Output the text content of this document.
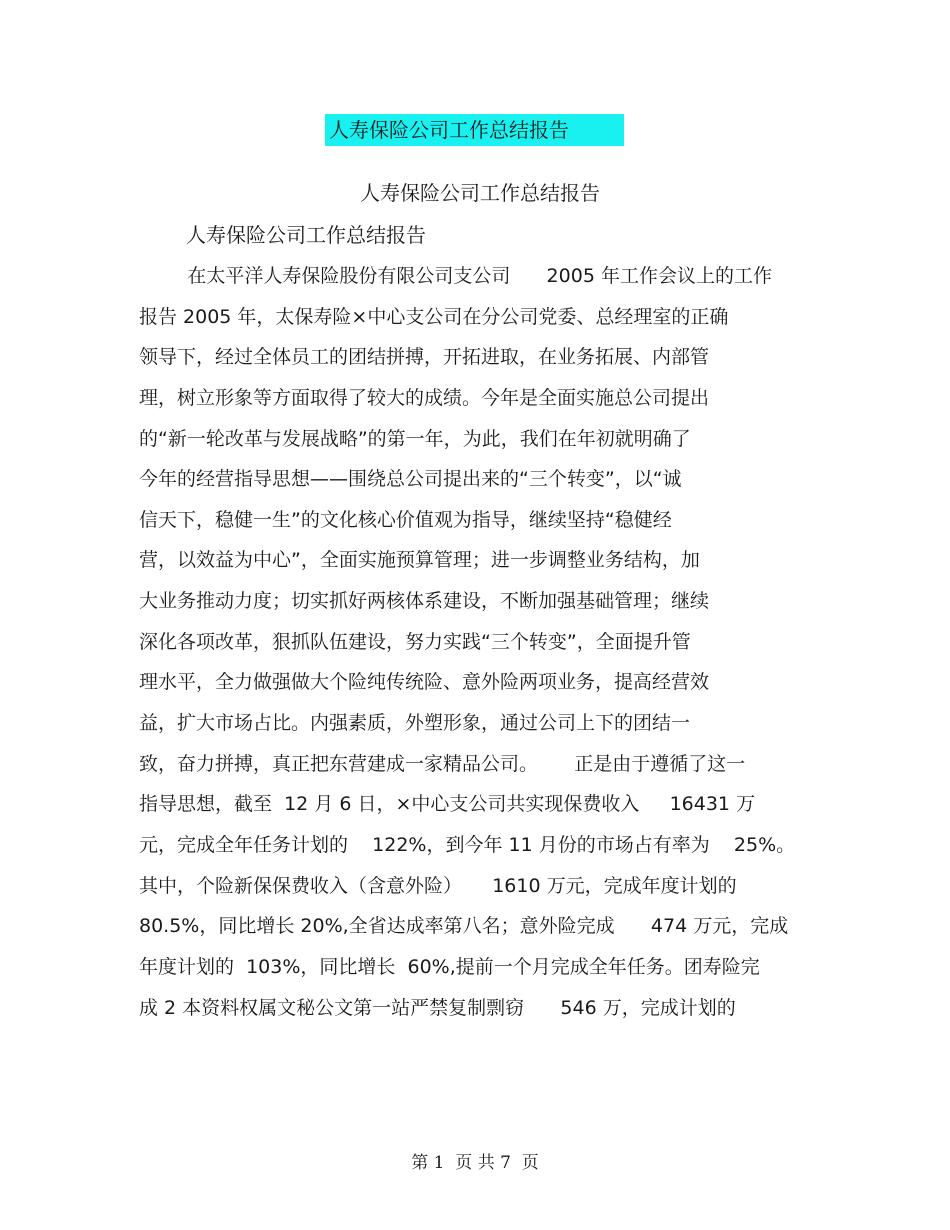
人寿保险公司工作总结报告
人寿保险公司工作总结报告
人寿保险公司工作总结报告
在太平洋人寿保险股份有限公司支公司      2005 年工作会议上的工作
报告 2005 年，太保寿险×中心支公司在分公司党委、总经理室的正确
领导下，经过全体员工的团结拼搏，开拓进取，在业务拓展、内部管
理，树立形象等方面取得了较大的成绩。今年是全面实施总公司提出
的“新一轮改革与发展战略”的第一年，为此，我们在年初就明确了
今年的经营指导思想——围绕总公司提出来的“三个转变”，以“诚
信天下，稳健一生”的文化核心价值观为指导，继续坚持“稳健经
营，以效益为中心”，全面实施预算管理；进一步调整业务结构，加
大业务推动力度；切实抓好两核体系建设，不断加强基础管理；继续
深化各项改革，狠抓队伍建设，努力实践“三个转变”，全面提升管
理水平，全力做强做大个险纯传统险、意外险两项业务，提高经营效
益，扩大市场占比。内强素质，外塑形象，通过公司上下的团结一
致，奋力拼搏，真正把东营建成一家精品公司。      正是由于遵循了这一
指导思想，截至  12 月 6 日，×中心支公司共实现保费收入     16431 万
元，完成全年任务计划的    122%，到今年 11 月份的市场占有率为    25%。
其中，个险新保保费收入（含意外险）     1610 万元，完成年度计划的
80.5%，同比增长 20%,全省达成率第八名；意外险完成      474 万元，完成
年度计划的  103%，同比增长  60%,提前一个月完成全年任务。团寿险完
成 2 本资料权属文秘公文第一站严禁复制剽窃      546 万，完成计划的
第 1  页 共 7  页
